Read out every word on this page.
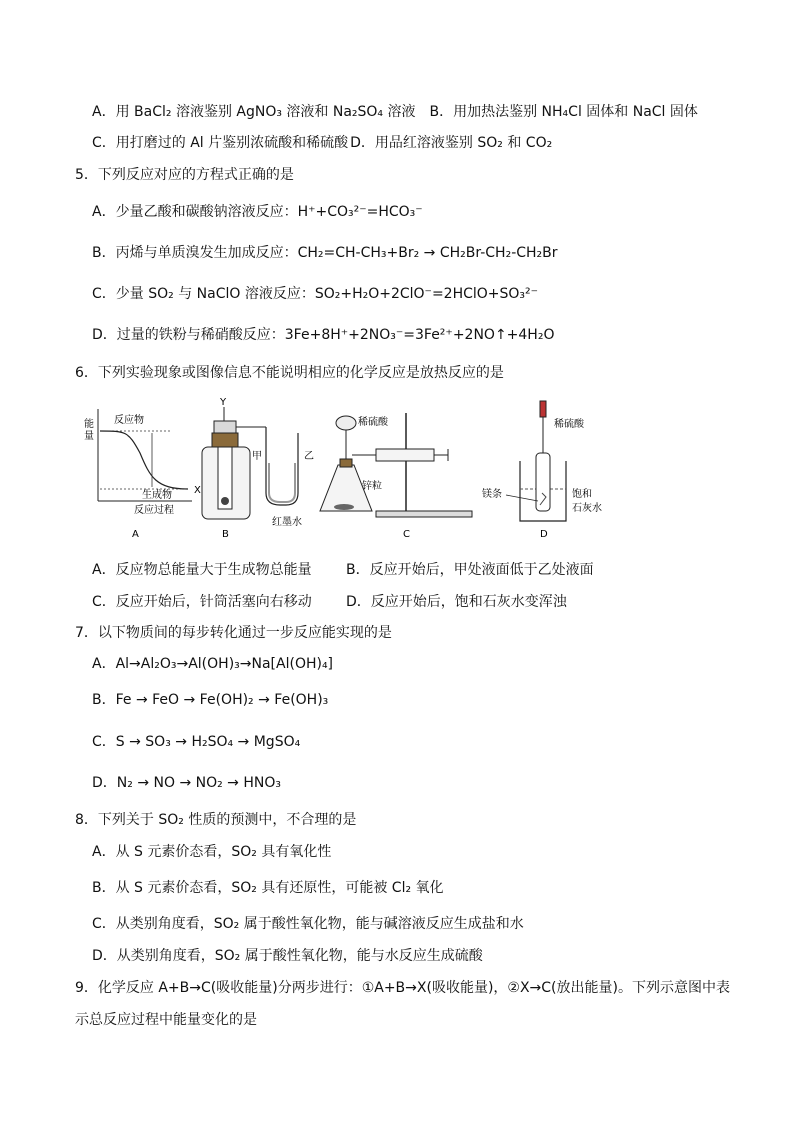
A．用 BaCl₂ 溶液鉴别 AgNO₃ 溶液和 Na₂SO₄ 溶液 B．用加热法鉴别 NH₄Cl 固体和 NaCl 固体
C．用打磨过的 Al 片鉴别浓硫酸和稀硫酸 D．用品红溶液鉴别 SO₂ 和 CO₂
5．下列反应对应的方程式正确的是
A．少量乙酸和碳酸钠溶液反应：H⁺+CO₃²⁻=HCO₃⁻
B．丙烯与单质溴发生加成反应：CH₂=CH-CH₃+Br₂ → CH₂Br-CH₂-CH₂Br
C．少量 SO₂ 与 NaClO 溶液反应：SO₂+H₂O+2ClO⁻=2HClO+SO₃²⁻
D．过量的铁粉与稀硝酸反应：3Fe+8H⁺+2NO₃⁻=3Fe²⁺+2NO↑+4H₂O
6．下列实验现象或图像信息不能说明相应的化学反应是放热反应的是
能
量
反应物
生成物
反应过程
A
Y
X
甲	乙
红墨水
B
稀硫酸
锌粒
C
稀硫酸
镁条	饱和
石灰水
D
A．反应物总能量大于生成物总能量 B．反应开始后，甲处液面低于乙处液面
C．反应开始后，针筒活塞向右移动 D．反应开始后，饱和石灰水变浑浊
7．以下物质间的每步转化通过一步反应能实现的是
A．Al→Al₂O₃→Al(OH)₃→Na[Al(OH)₄]
B．Fe → FeO → Fe(OH)₂ → Fe(OH)₃
C．S → SO₃ → H₂SO₄ → MgSO₄
D．N₂ → NO → NO₂ → HNO₃
8．下列关于 SO₂ 性质的预测中，不合理的是
A．从 S 元素价态看，SO₂ 具有氧化性
B．从 S 元素价态看，SO₂ 具有还原性，可能被 Cl₂ 氧化
C．从类别角度看，SO₂ 属于酸性氧化物，能与碱溶液反应生成盐和水
D．从类别角度看，SO₂ 属于酸性氧化物，能与水反应生成硫酸
9．化学反应 A+B→C(吸收能量)分两步进行：①A+B→X(吸收能量)，②X→C(放出能量)。下列示意图中表
示总反应过程中能量变化的是
